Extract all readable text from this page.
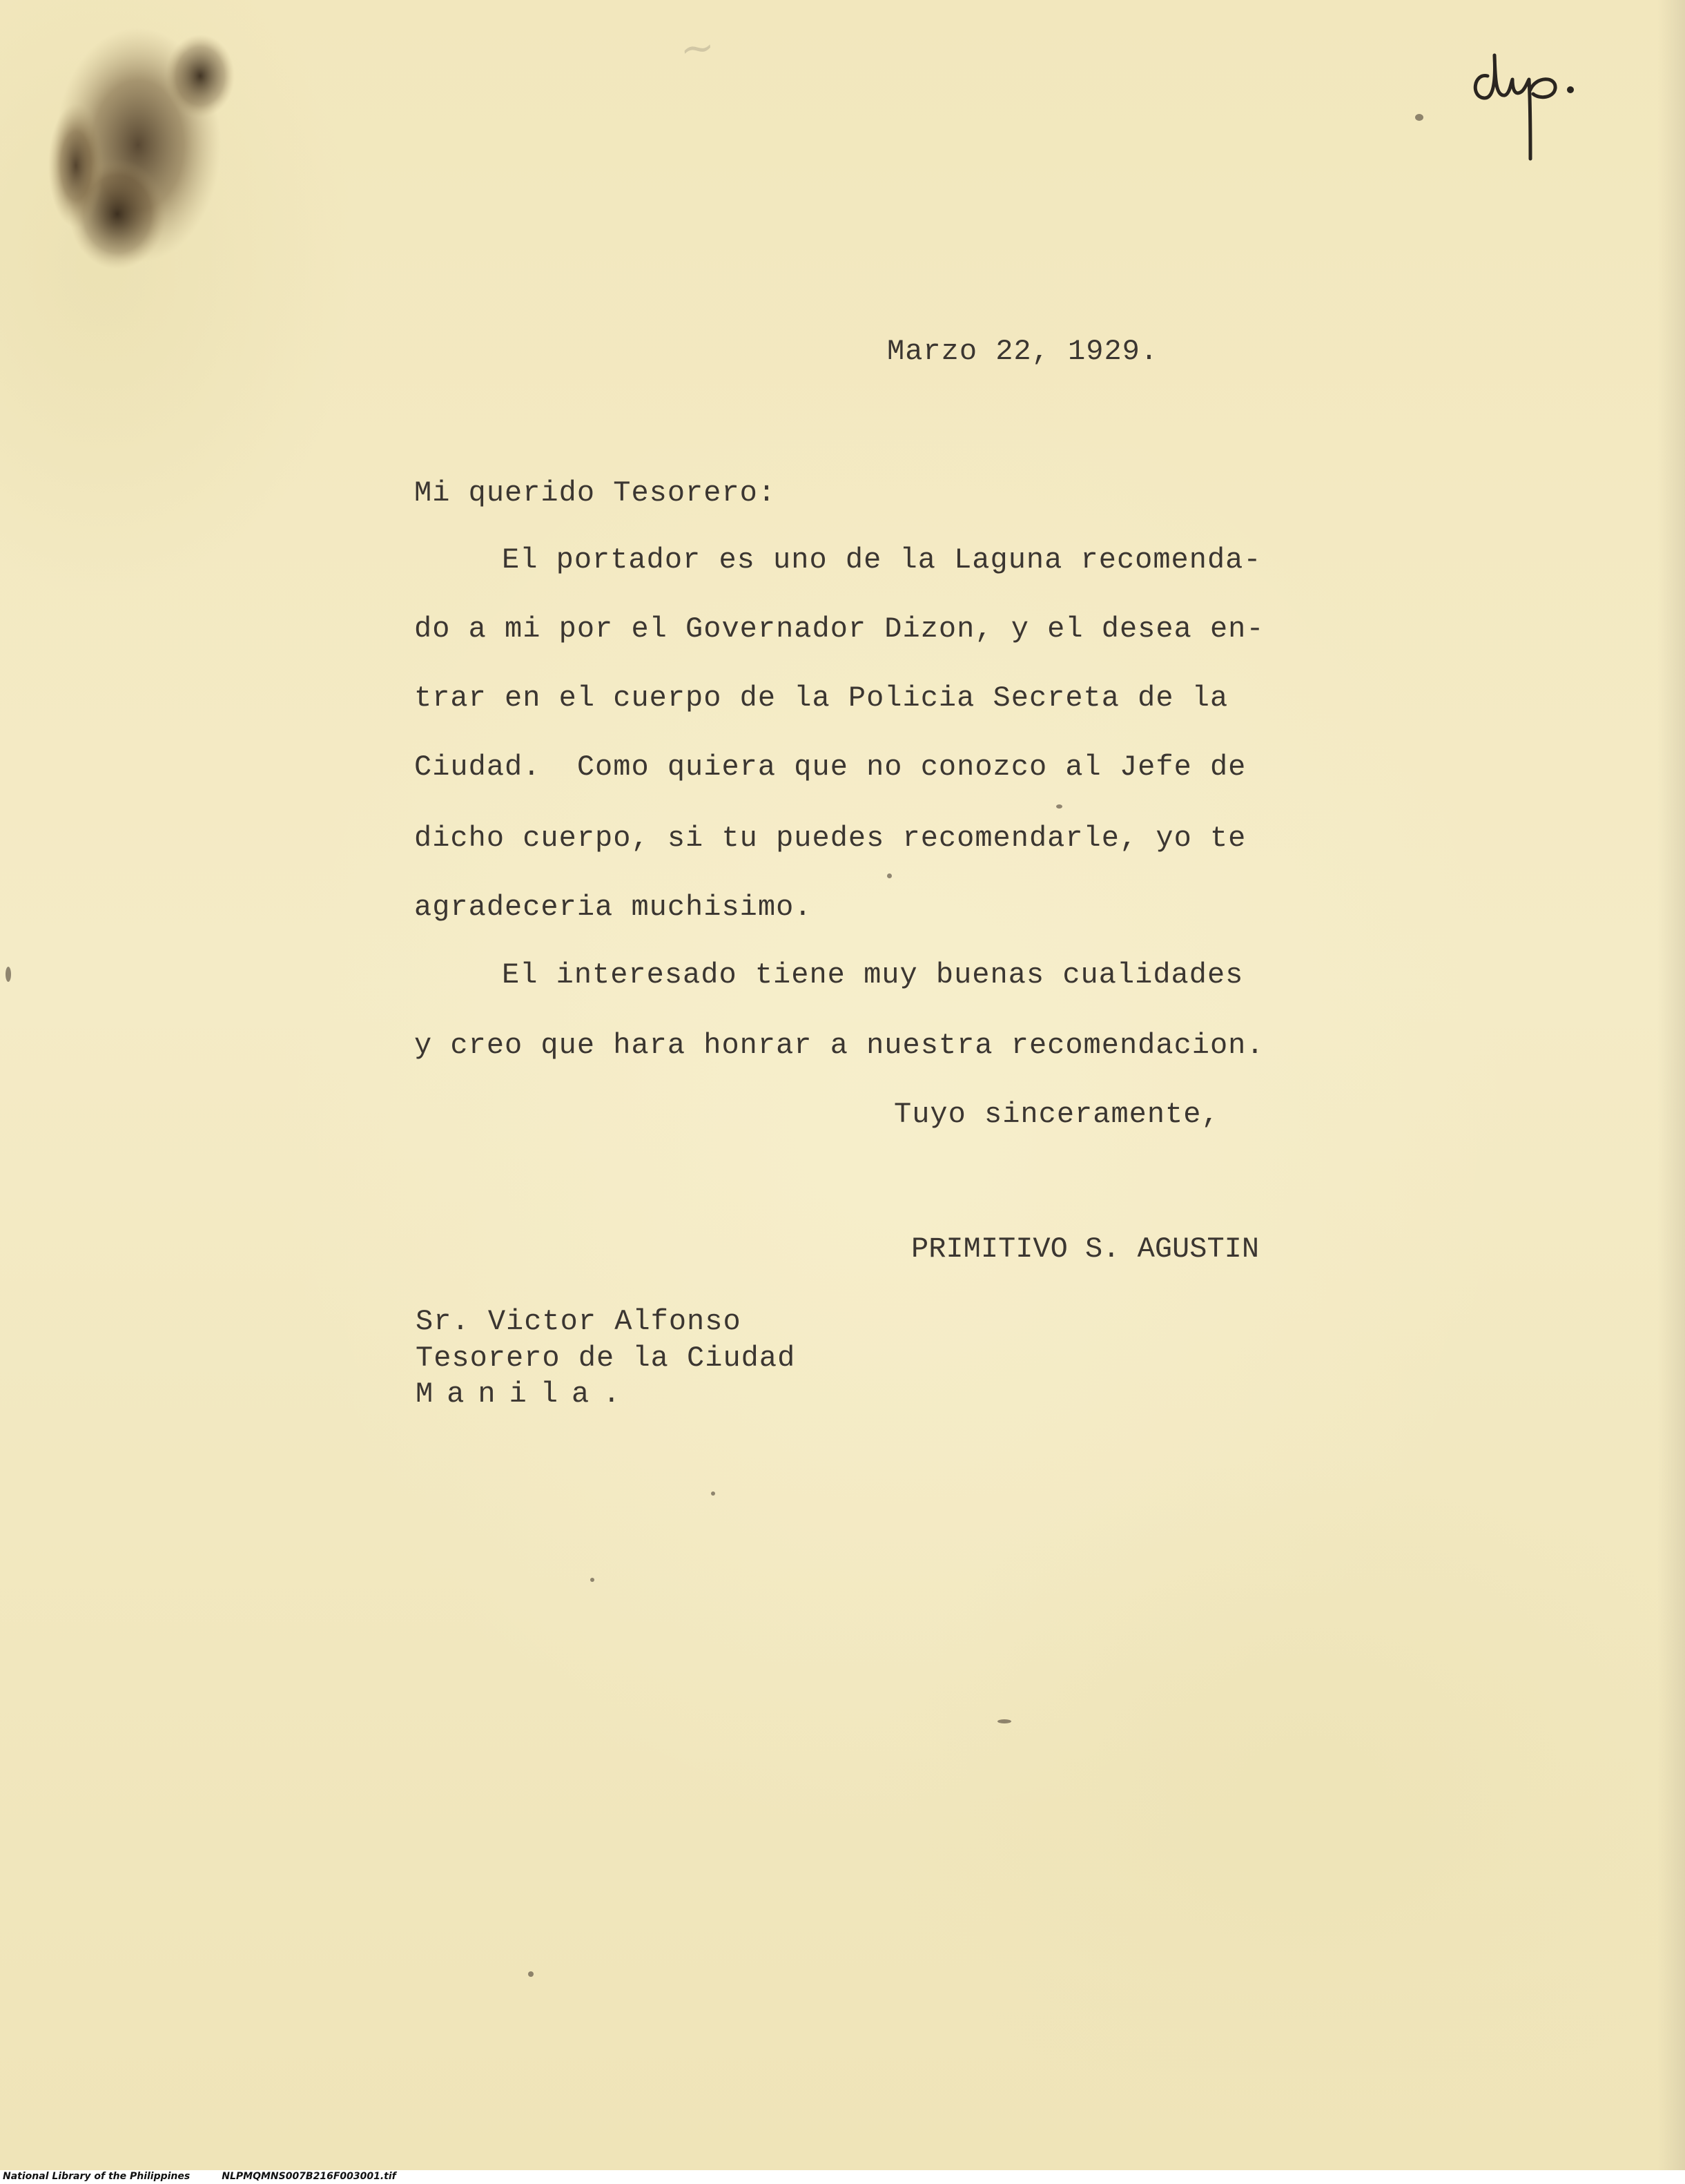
~
Marzo 22, 1929.
Mi querido Tesorero:
El portador es uno de la Laguna recomenda-
do a mi por el Governador Dizon, y el desea en-
trar en el cuerpo de la Policia Secreta de la
Ciudad.  Como quiera que no conozco al Jefe de
dicho cuerpo, si tu puedes recomendarle, yo te
agradeceria muchisimo.
El interesado tiene muy buenas cualidades
y creo que hara honrar a nuestra recomendacion.
Tuyo sinceramente,
PRIMITIVO S. AGUSTIN
Sr. Victor Alfonso
Tesorero de la Ciudad
Manila.
National Library of the Philippines	NLPMQMNS007B216F003001.tif
